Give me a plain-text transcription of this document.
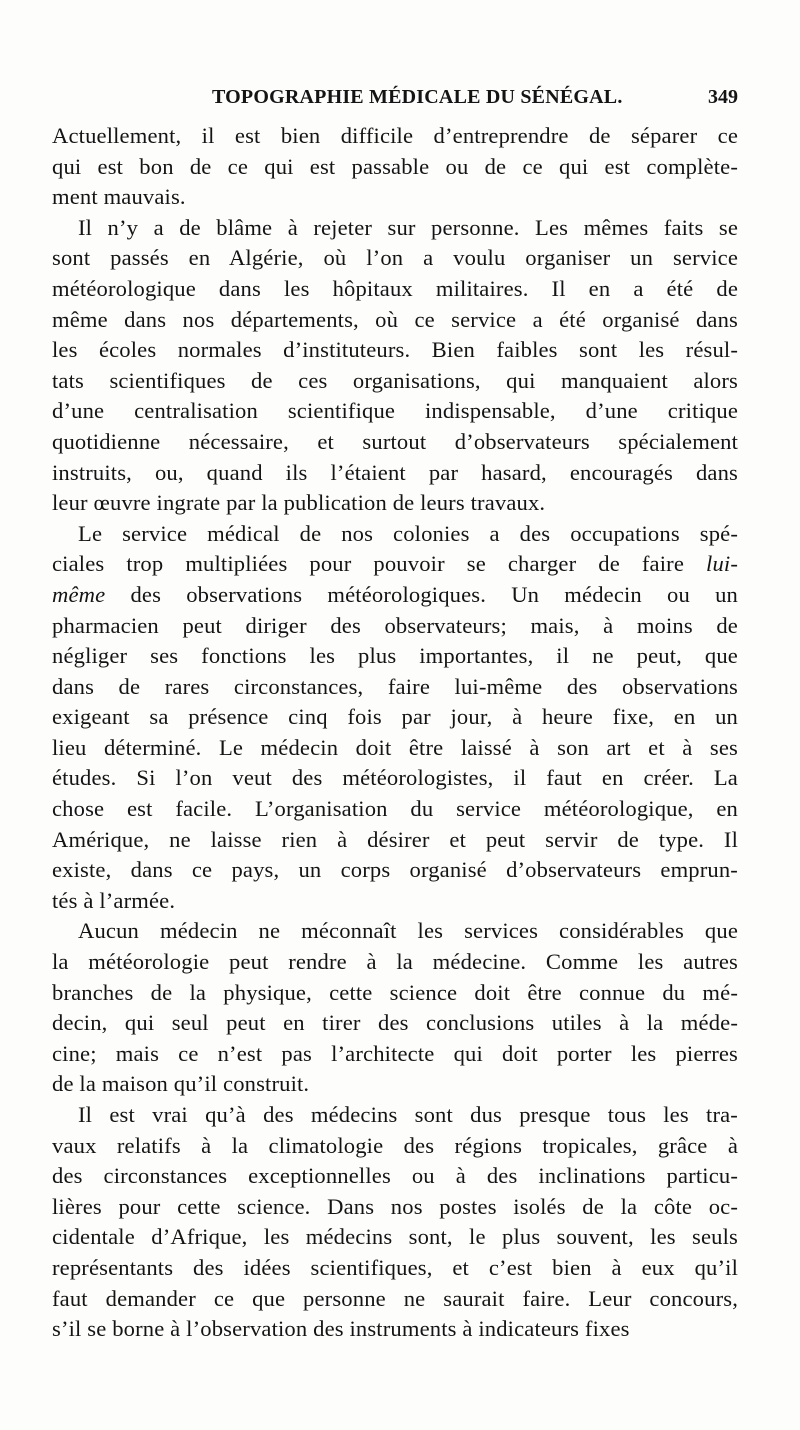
TOPOGRAPHIE MÉDICALE DU SÉNÉGAL.	349
Actuellement, il est bien difficile d’entreprendre de séparer ce
qui est bon de ce qui est passable ou de ce qui est complète-
ment mauvais.
Il n’y a de blâme à rejeter sur personne. Les mêmes faits se
sont passés en Algérie, où l’on a voulu organiser un service
météorologique dans les hôpitaux militaires. Il en a été de
même dans nos départements, où ce service a été organisé dans
les écoles normales d’instituteurs. Bien faibles sont les résul-
tats scientifiques de ces organisations, qui manquaient alors
d’une centralisation scientifique indispensable, d’une critique
quotidienne nécessaire, et surtout d’observateurs spécialement
instruits, ou, quand ils l’étaient par hasard, encouragés dans
leur œuvre ingrate par la publication de leurs travaux.
Le service médical de nos colonies a des occupations spé-
ciales trop multipliées pour pouvoir se charger de faire lui-
même des observations météorologiques. Un médecin ou un
pharmacien peut diriger des observateurs; mais, à moins de
négliger ses fonctions les plus importantes, il ne peut, que
dans de rares circonstances, faire lui-même des observations
exigeant sa présence cinq fois par jour, à heure fixe, en un
lieu déterminé. Le médecin doit être laissé à son art et à ses
études. Si l’on veut des météorologistes, il faut en créer. La
chose est facile. L’organisation du service météorologique, en
Amérique, ne laisse rien à désirer et peut servir de type. Il
existe, dans ce pays, un corps organisé d’observateurs emprun-
tés à l’armée.
Aucun médecin ne méconnaît les services considérables que
la météorologie peut rendre à la médecine. Comme les autres
branches de la physique, cette science doit être connue du mé-
decin, qui seul peut en tirer des conclusions utiles à la méde-
cine; mais ce n’est pas l’architecte qui doit porter les pierres
de la maison qu’il construit.
Il est vrai qu’à des médecins sont dus presque tous les tra-
vaux relatifs à la climatologie des régions tropicales, grâce à
des circonstances exceptionnelles ou à des inclinations particu-
lières pour cette science. Dans nos postes isolés de la côte oc-
cidentale d’Afrique, les médecins sont, le plus souvent, les seuls
représentants des idées scientifiques, et c’est bien à eux qu’il
faut demander ce que personne ne saurait faire. Leur concours,
s’il se borne à l’observation des instruments à indicateurs fixes
